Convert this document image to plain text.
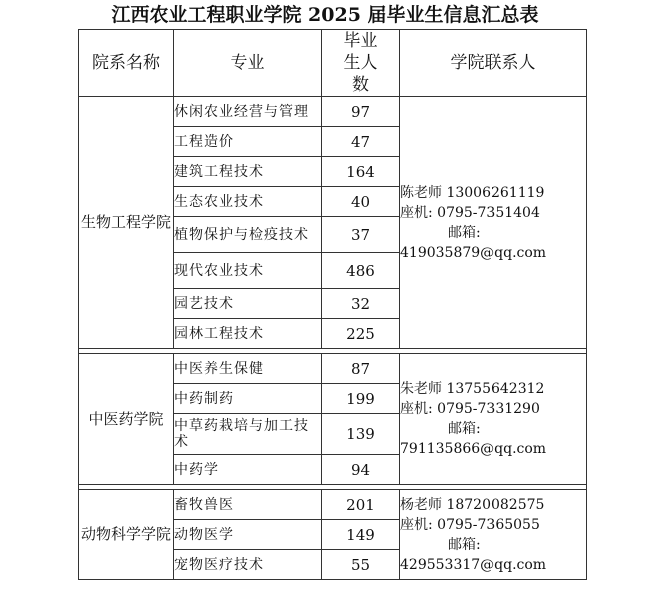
江西农业工程职业学院 2025 届毕业生信息汇总表
院系名称	专业	毕业生人数	学院联系人
生物工程学院	休闲农业经营与管理	97	陈老师 13006261119
座机: 0795-7351404
邮箱:
419035879@qq.com

	工程造价	47	
	建筑工程技术	164	
	生态农业技术	40	
	植物保护与检疫技术	37	
	现代农业技术	486	
	园艺技术	32	
	园林工程技术	225	

中医药学院	中医养生保健	87	朱老师 13755642312
座机: 0795-7331290
邮箱:
791135866@qq.com

	中药制药	199	
	中草药栽培与加工技术	139	
	中药学	94	

动物科学学院	畜牧兽医	201	杨老师 18720082575
座机: 0795-7365055
邮箱:
429553317@qq.com

	动物医学	149	
	宠物医疗技术	55	
